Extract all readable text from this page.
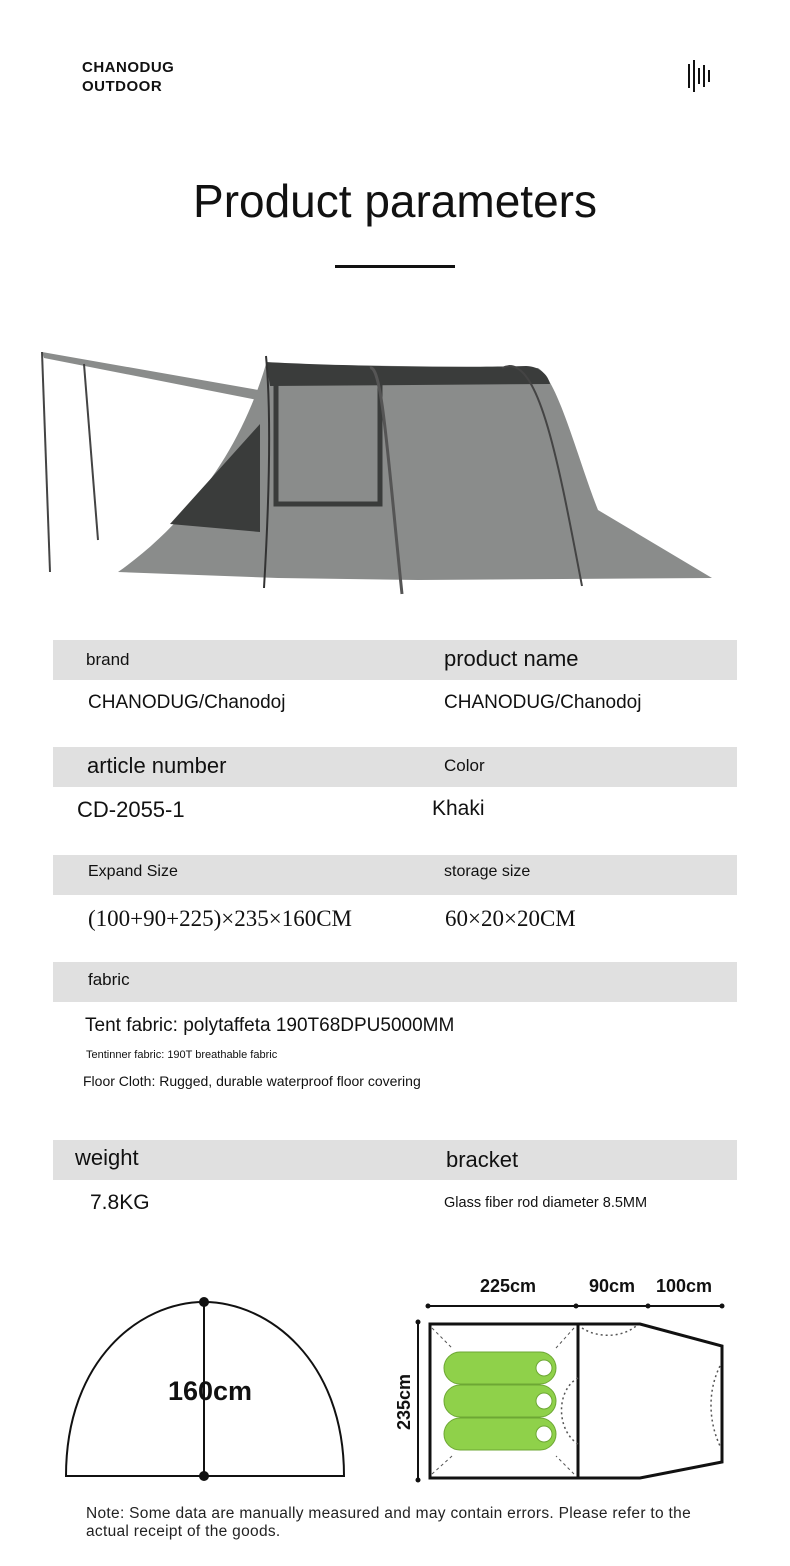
CHANODUG
OUTDOOR
Product parameters
brand	product name
CHANODUG/Chanodoj	CHANODUG/Chanodoj
article number	Color
CD-2055-1	Khaki
Expand Size	storage size
(100+90+225)×235×160CM	60×20×20CM
fabric
Tent fabric: polytaffeta 190T68DPU5000MM
Tentinner fabric: 190T breathable fabric
Floor Cloth: Rugged, durable waterproof floor covering
weight	bracket
7.8KG	Glass fiber rod diameter 8.5MM
160cm
225cm	90cm 100cm
235cm
Note: Some data are manually measured and may contain errors. Please refer to the actual receipt of the goods.
